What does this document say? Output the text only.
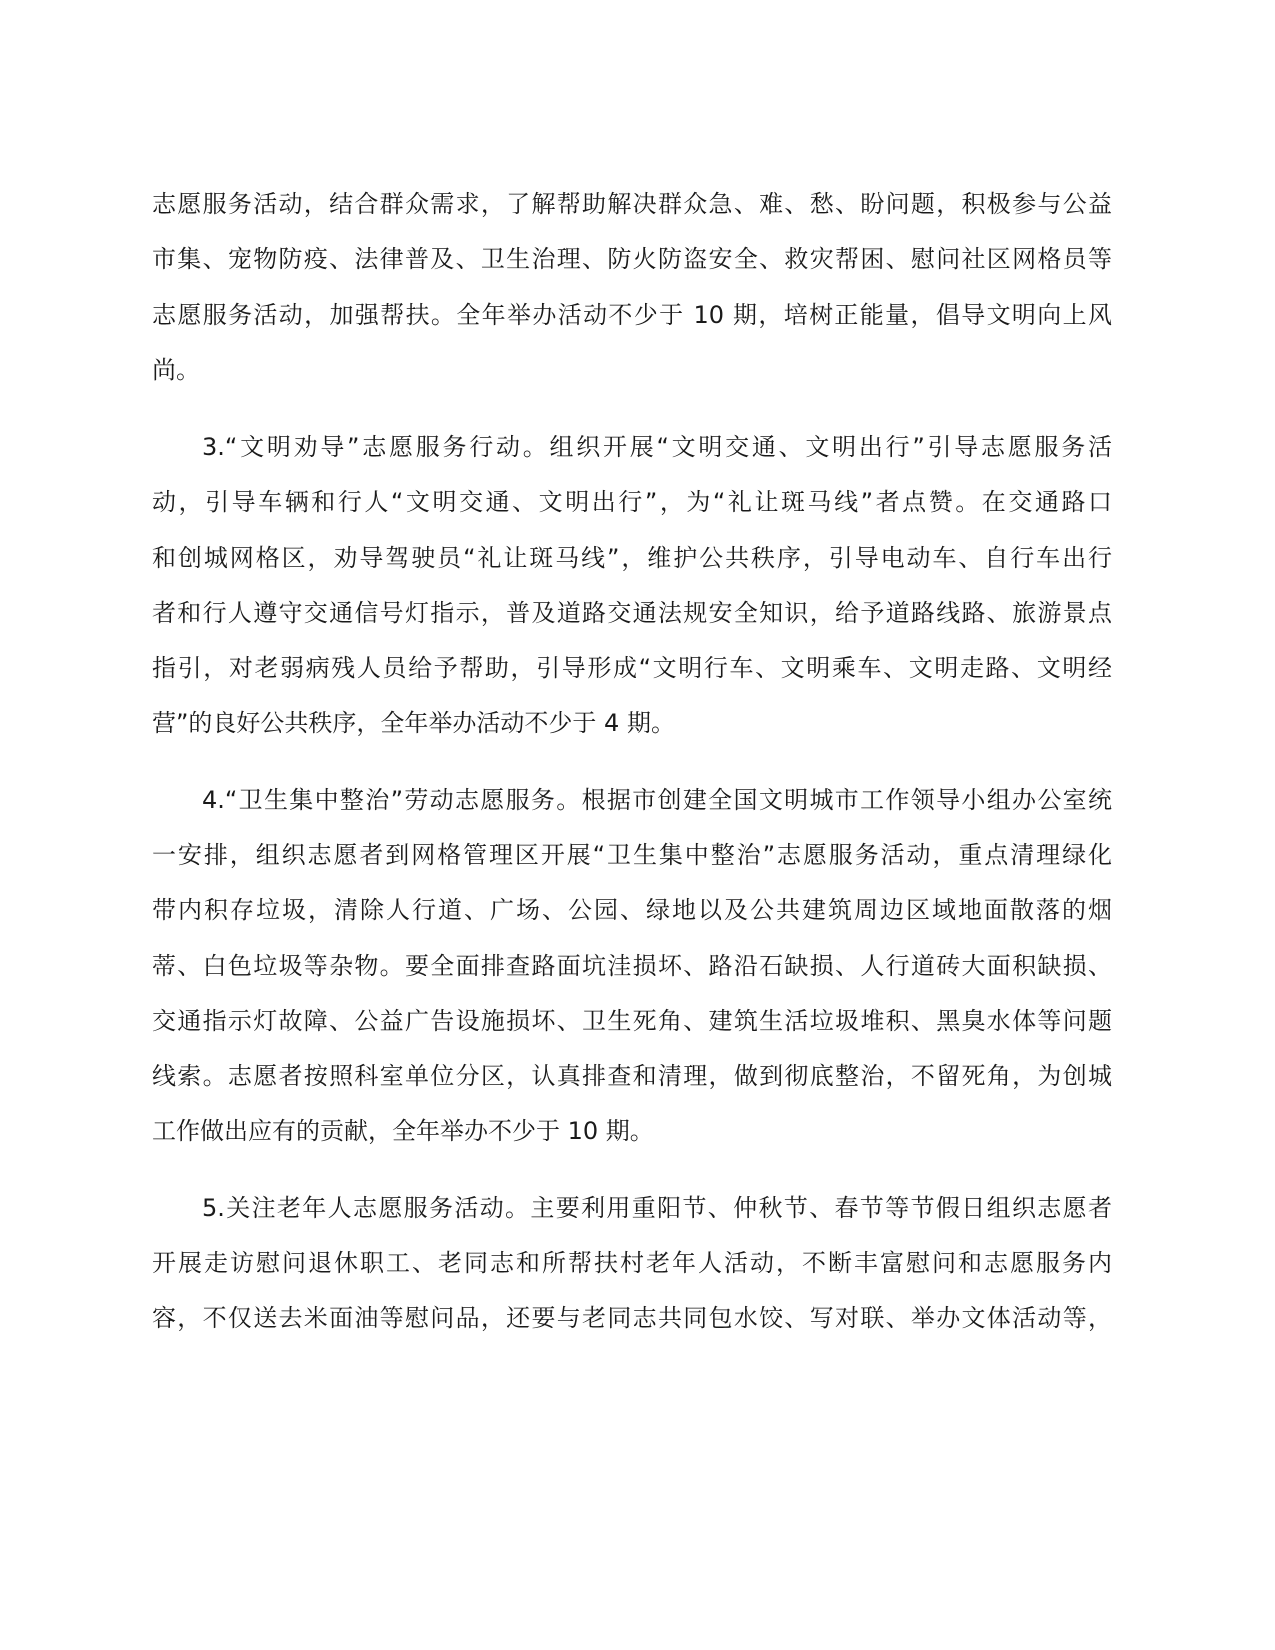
志愿服务活动，结合群众需求，了解帮助解决群众急、难、愁、盼问题，积极参与公益
市集、宠物防疫、法律普及、卫生治理、防火防盗安全、救灾帮困、慰问社区网格员等
志愿服务活动，加强帮扶。全年举办活动不少于 10 期，培树正能量，倡导文明向上风
尚。
3.“文明劝导”志愿服务行动。组织开展“文明交通、文明出行”引导志愿服务活
动，引导车辆和行人“文明交通、文明出行”，为“礼让斑马线”者点赞。在交通路口
和创城网格区，劝导驾驶员“礼让斑马线”，维护公共秩序，引导电动车、自行车出行
者和行人遵守交通信号灯指示，普及道路交通法规安全知识，给予道路线路、旅游景点
指引，对老弱病残人员给予帮助，引导形成“文明行车、文明乘车、文明走路、文明经
营”的良好公共秩序，全年举办活动不少于 4 期。
4.“卫生集中整治”劳动志愿服务。根据市创建全国文明城市工作领导小组办公室统
一安排，组织志愿者到网格管理区开展“卫生集中整治”志愿服务活动，重点清理绿化
带内积存垃圾，清除人行道、广场、公园、绿地以及公共建筑周边区域地面散落的烟
蒂、白色垃圾等杂物。要全面排查路面坑洼损坏、路沿石缺损、人行道砖大面积缺损、
交通指示灯故障、公益广告设施损坏、卫生死角、建筑生活垃圾堆积、黑臭水体等问题
线索。志愿者按照科室单位分区，认真排查和清理，做到彻底整治，不留死角，为创城
工作做出应有的贡献，全年举办不少于 10 期。
5.关注老年人志愿服务活动。主要利用重阳节、仲秋节、春节等节假日组织志愿者
开展走访慰问退休职工、老同志和所帮扶村老年人活动，不断丰富慰问和志愿服务内
容，不仅送去米面油等慰问品，还要与老同志共同包水饺、写对联、举办文体活动等，
